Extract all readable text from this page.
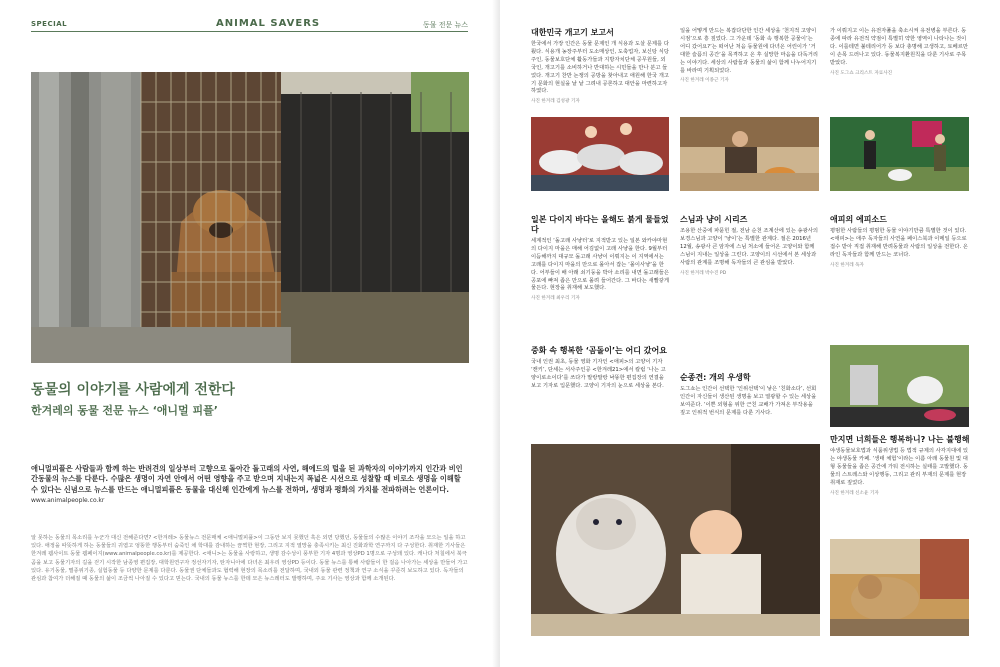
SPECIAL	ANIMAL SAVERS	동물 전문 뉴스
동물의 이야기를 사람에게 전한다
한겨레의 동물 전문 뉴스 ‘애니멀 피플’
애니멀피플은 사람들과 함께 하는 반려견의 일상부터 고향으로 돌아간 돌고래의 사연, 해에드의 털을 된 과학자의 이야기까지 인간과 비인간동물의 뉴스를 다룬다. 수많은 생명이 자연 안에서 어떤 영향을 주고 받으며 지내는지 폭넓은 시선으로 성찰할 때 비로소 생명을 이해할 수 있다는 신념으로 뉴스를 만드는 애니멀피플은 동물을 대신해 인간에게 뉴스를 전하며, 생명과 평화의 가치를 전파하려는 언론이다. www.animalpeople.co.kr
알 못하는 동물의 목소리를 누군가 대신 전해준다면? <한겨레> 동물뉴스 전문매체 <애니멀피플>이 그동안 보지 못했던 혹은 외면 당했던, 동물들의 수많은 이야기 조각을 모으는 일을 하고 있다. 애정을 따뜻하게 하는 동물들의 귀엽고 엉뚱한 행동부터 숨죽인 채 학대를 감내하는 끔찍한 현장, 그리고 지적 열망을 충족시키는 최신 진화과학 연구까지 다 구성한다. 취재한 기사들은 한겨레 웹사이트 동물 웹페이지(www.animalpeople.co.kr)를 제공한다. <애니>는 동물을 사랑하고, 생명 감수성이 풍부한 기자 4명과 영상PD 1명으로 구성돼 있다. 캐나다 처칠에서 북극곰을 보고 동물기자의 길을 걷기 시작한 남종영 편집장, 대학원연구자 정선자기자, 탄자니아에 다녀온 최우리 영상PD 등이다. 동물 뉴스를 통해 사람들이 한 걸음 나아가는 세상을 만들어 가고 있다. 유기동물, 멸종위기종, 실험동물 등 다양한 문제를 다룬다. 동물권 단체들과도 협력해 현장의 목소리를 전달하며, 국내외 동물 관련 정책과 연구 소식을 꾸준히 보도하고 있다. 독자들의 관심과 참여가 더해질 때 동물의 삶이 조금씩 나아질 수 있다고 믿는다. 국내의 동물 뉴스를 한데 모은 뉴스레터도 발행하며, 주요 기사는 영상과 함께 소개된다.
대한민국 개고기 보고서

한국에서 가장 인간은 동물 문제인 개 식용과 도살 문제를 다뤘다. 식용개 농장주부터 도소매상인, 도축업자, 보신탕 식당 주인, 동물보호단체 활동가들과 지방자치단체 공무원들, 외국인, 개고기를 소비하거나 반대하는 시민들을 만나 분고 들었다. 개고기 찬반 논쟁의 공방을 찾아내고 애원해 한국 개고기 문화의 현실을 낱 낱 그려내 공론하고 대안을 마련하고자하였다.

사진 한겨레 김성광 기자

일을 어떻게 만드는 복잡다단한 인간 세상을 ‘천지적 고양이 시점’으로 흥 짚었다. 그 가운데 ‘동화 속 행복한 공물이’는 어디 갔어요?’는 떠어난 처음 동물원에 다녀온 어린이가 ‘거대한 슬픔의 공간’을 목격하고 온 후 실망한 마음을 다독거리는 이야기다. 세상의 사람들과 동물의 삶이 함께 나누어지기를 바라며 기획되었다.

사진 한겨레 이종근 기자

가 이뤄지고 이는 유전자풀을 축소시켜 유전병을 부른다. 동종에 따라 유전적 약점이 특별히 약한 영역이 나타나는 것이다. 이를테면 불테리어가 등 보다 총명해 고생하고, 토베르만이 손목 드러나고 있다. 동물복지환원칙을 다룬 기사로 주목받았다.

사진 도그쇼 크리스트 자료사진
일본 다이지 바다는 올해도 붉게 물들었다

세계적인 ‘돌고래 사냥터’로 지적받고 있는 일본 와카야마현의 다이지 마을은 매해 어김없이 고래 사냥을 한다. 9월부터 이듬해까지 대규모 돌고래 사냥이 이뤄지는 이 지역에서는 고래를 다이지 마을의 만으로 몰아서 잡는 ‘몰이사냥’을 한다. 어부들이 배 아래 쇠기둥을 박아 소리를 내면 돌고래들은 공포에 빠져 좁은 만으로 몰려 들어간다. 그 바다는 새빨갛게 물든다. 현장을 취재해 보도했다.

사진 한겨레 최우리 기자
중화 속 행복한 ‘곰돌이’는 어디 갔어요

국내 인권 최초, 동물 영화 기자인 <애피>의 고양이 기자 ‘캔키’, 단세는 서사주인공 <한겨레21>에서 칼럼 ‘나는 고양이로소이다’를 쓰다가 말랑말랑 낙뚱한 편집장의 연결을 보고 기자로 입문했다. 고양이 기자의 눈으로 세상을 본다.

스님과 냥이 시리즈

조용한 산중에 파묻힌 절, 전남 순천 조계산에 있는 송광사의 보경스님과 고양이 ‘냥이’는 특별한 관계다. 절은 2016년 12월, 송광사 큰 암자에 스님 처소에 들어온 고양이와 함께 스님이 지내는 일상을 그린다. 고양이의 시선에서 본 세상과 사람의 관계를 조명해 독자들의 큰 관심을 받았다.

사진 한겨레 박수진 PD
순종견: 개의 우생학

도그쇼는 인간이 선택한 ‘인위선택’이 낳은 ‘친화소다’, 선회 인간이 자신들이 생산된 생명을 보고 열광할 수 있는 세상을 보여준다. ‘이쁜 외형을 위한 근친 교배가 가져온 부작용을 짚고 인위적 번식의 문제를 다룬 기사다.

애피의 에피소드

평범한 사람들의 평범한 동물 이야기만큼 특별한 것이 있다. <애피>는 애주 독자들의 사연을 페이스북과 이메일 등으로 접수 받아 직접 취재해 반려동물과 사람의 일상을 전한다. 온라인 독자들과 함께 만드는 코너다.

사진 한겨레 독자
만지면 너희들은 행복하니? 나는 불행해

야생동물보호법과 식품위생법 등 법적 규제의 사각지대에 있는 야생동물 카페. ‘생태 체험’이라는 이름 아래 동물원 및 대형 동물들을 좁은 공간에 가둬 전시하는 실태를 고발했다. 동물의 스트레스와 이상행동, 그리고 관리 부재의 문제를 현장 취재로 짚었다.

사진 한겨레 신소윤 기자
